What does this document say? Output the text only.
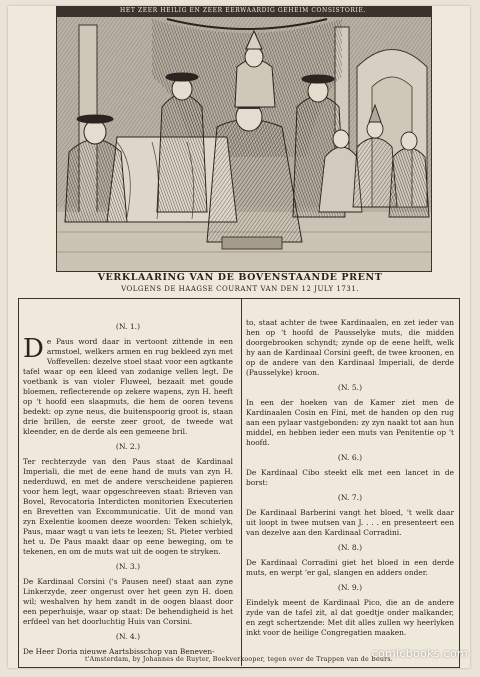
HET ZEER HEILIG EN ZEER EERWAARDIG GEHEIM CONSISTORIE.
VERKLAARING VAN DE BOVENSTAANDE PRENT
VOLGENS DE HAAGSE COURANT VAN DEN 12 JULY 1731.
(N. 1.)

De Paus word daar in vertoont zittende in een armstoel, welkers armen en rug bekleed zyn met Voffevellen: dezelve stoel staat voor een agtkante tafel waar op een kleed van zodanige vellen legt. De voetbank is van violer Fluweel, bezaait met goude bloemen, reflecterende op zekere wapens, zyn H. heeft op 't hoofd een slaapmuts, die hem de ooren tevens bedekt: op zyne neus, die buitenspoorig groot is, staan drie brillen, de eerste zeer groot, de tweede wat kleender, en de derde als een gemeene bril.

(N. 2.)

Ter rechterzyde van den Paus staat de Kardinaal Imperiali, die met de eene hand de muts van zyn H. nederduwd, en met de andere verscheidene papieren voor hem legt, waar opgeschreeven staat: Brieven van Bovel, Revocatoria Interdicten monitorien Executerien en Brevetten van Excommunicatie. Uit de mond van zyn Exelentie koomen deeze woorden: Teken schielyk, Paus, maar wagt u van iets te leezen; St. Pieter verbied het u. De Paus maakt daar op eene beweging, om te tekenen, en om de muts wat uit de oogen te stryken.

(N. 3.)

De Kardinaal Corsini ('s Pausen neef) staat aan zyne Linkerzyde, zeer ongerust over het geen zyn H. doen wil; weshalven hy hem zandt in de oogen blaast door een peperhuisje, waar op staat: De behendigheid is het erfdeel van het doorluchtig Huis van Corsini.

(N. 4.)

De Heer Doria nieuwe Aartsbisschop van Beneven-

to, staat achter de twee Kardinaalen, en zet ieder van hen op 't hoofd de Pausselyke muts, die midden doorgebrooken schyndt; zynde op de eene helft, welk hy aan de Kardinaal Corsini geeft, de twee kroonen, en op de andere van den Kardinaal Imperiali, de derde (Pausselyke) kroon.

(N. 5.)

In een der hoeken van de Kamer ziet men de Kardinaalen Cosin en Fini, met de handen op den rug aan een pylaar vastgebonden: zy zyn naakt tot aan hun middel, en hebben ieder een muts van Penitentie op 't hoofd.

(N. 6.)

De Kardinaal Cibo steekt elk met een lancet in de borst:

(N. 7.)

De Kardinaal Barberini vangt het bloed, 't welk daar uit loopt in twee mutsen van J. . . . en presenteert een van dezelve aan den Kardinaal Corradini.

(N. 8.)

De Kardinaal Corradini giet het bloed in een derde muts, en werpt 'er gal, slangen en adders onder.

(N. 9.)

Eindelyk meent de Kardinaal Pico, die an de andere zyde van de tafel zit, al dat goedtje onder malkander, en zegt schertzende: Met dit alles zullen wy heerlyken inkt voor de heilige Congregatien maaken.

t'Amsterdam, by Johannes de Ruyter, Boekverkooper, tegen over de Trappen van de Beurs.
comicbooks.com
